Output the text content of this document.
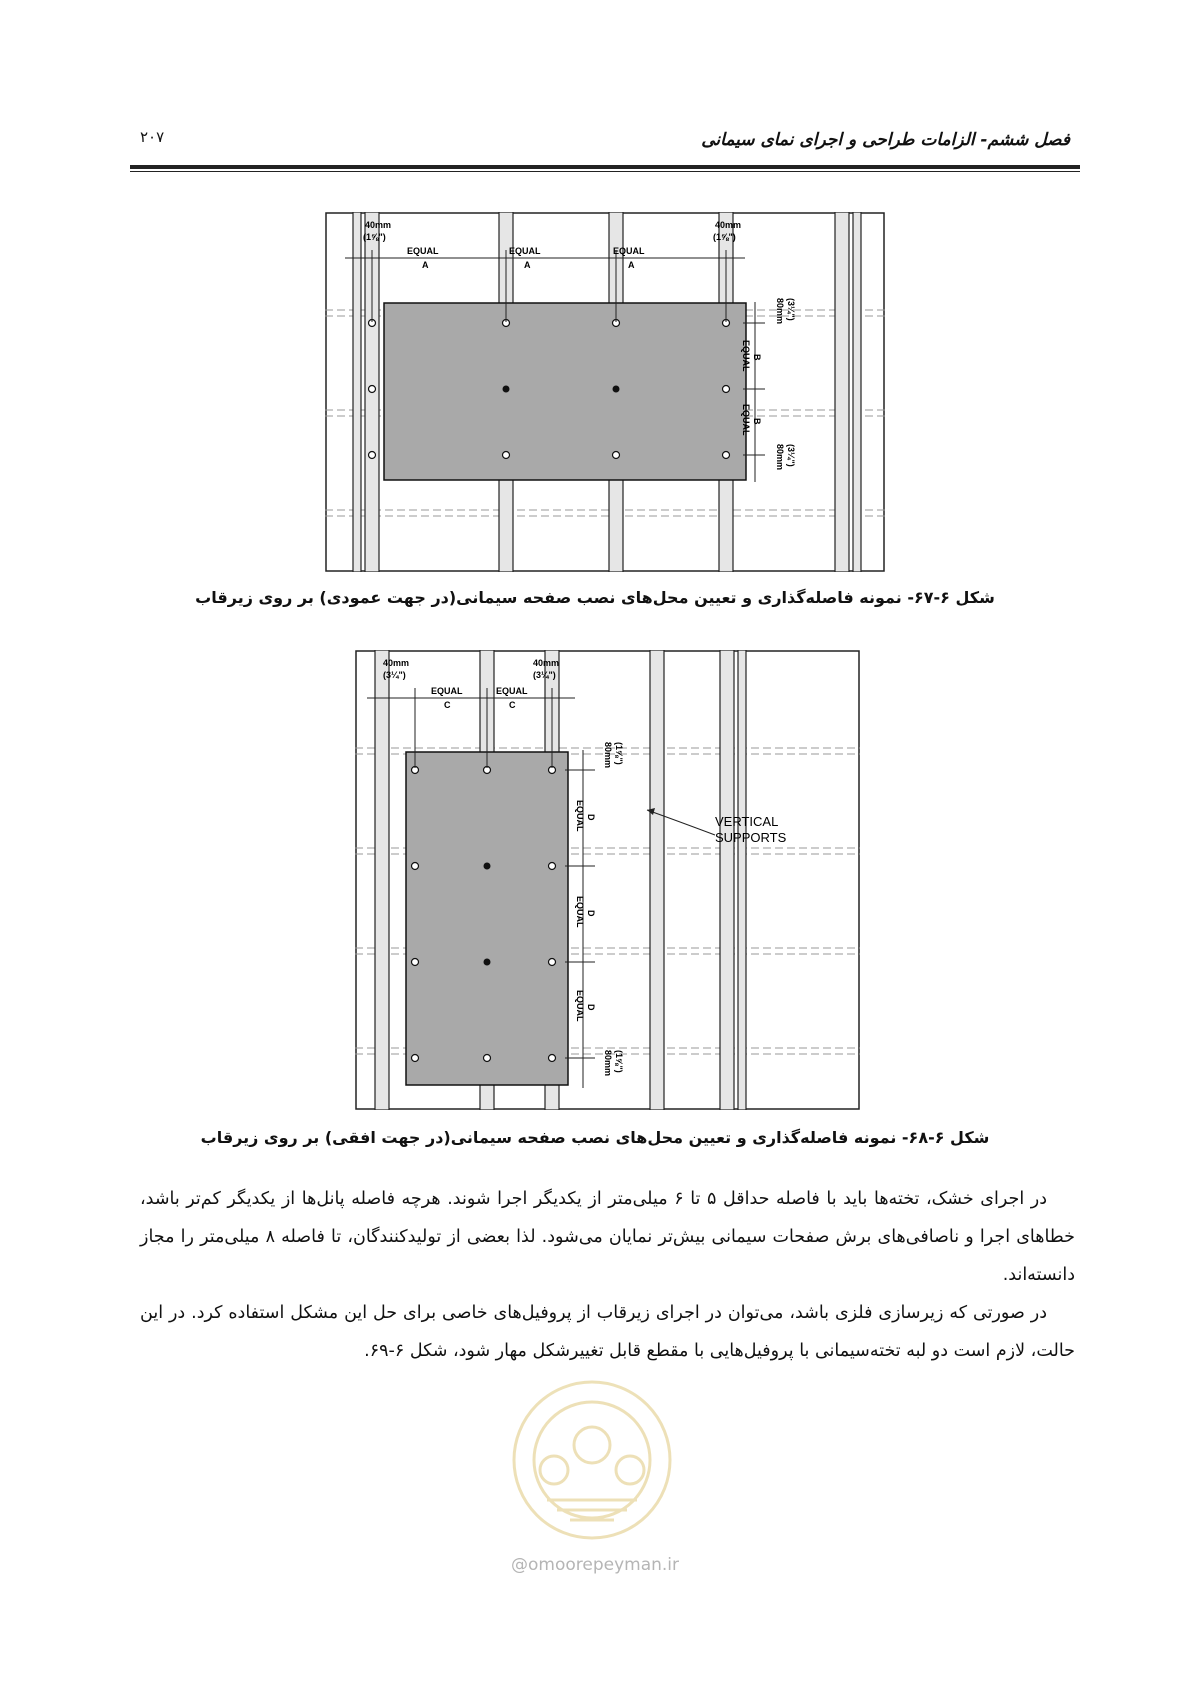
فصل ششم- الزامات طراحی و اجرای نمای سیمانی
۲۰۷
40mm
(1⅝")
40mm
(1⅝")
EQUAL
A
EQUAL
A
EQUAL
A
80mm (3¼")
EQUAL B
EQUAL B
80mm (3¼")
شکل ۶-۶۷- نمونه فاصله‌گذاری و تعیین محل‌های نصب صفحه سیمانی(در جهت عمودی) بر روی زیرقاب
40mm
(3¼")
40mm
(3¼")
EQUAL
C
EQUAL
C
80mm (1⅝")
EQUAL D
EQUAL D
EQUAL D
80mm (1⅝")
VERTICAL
SUPPORTS
شکل ۶-۶۸- نمونه فاصله‌گذاری و تعیین محل‌های نصب صفحه سیمانی(در جهت افقی) بر روی زیرقاب

در اجرای خشک، تخته‌ها باید با فاصله حداقل ۵ تا ۶ میلی‌متر از یکدیگر اجرا شوند. هرچه فاصله پانل‌ها از یکدیگر کم‌تر باشد، خطاهای اجرا و ناصافی‌های برش صفحات سیمانی بیش‌تر نمایان می‌شود. لذا بعضی از تولیدکنندگان، تا فاصله ۸ میلی‌متر را مجاز دانسته‌اند.

در صورتی که زیرسازی فلزی باشد، می‌توان در اجرای زیرقاب از پروفیل‌های خاصی برای حل این مشکل استفاده کرد. در این حالت، لازم است دو لبه تخته‌سیمانی با پروفیل‌هایی با مقطع قابل تغییرشکل مهار شود، شکل ۶-۶۹.

@omoorepeyman.ir
